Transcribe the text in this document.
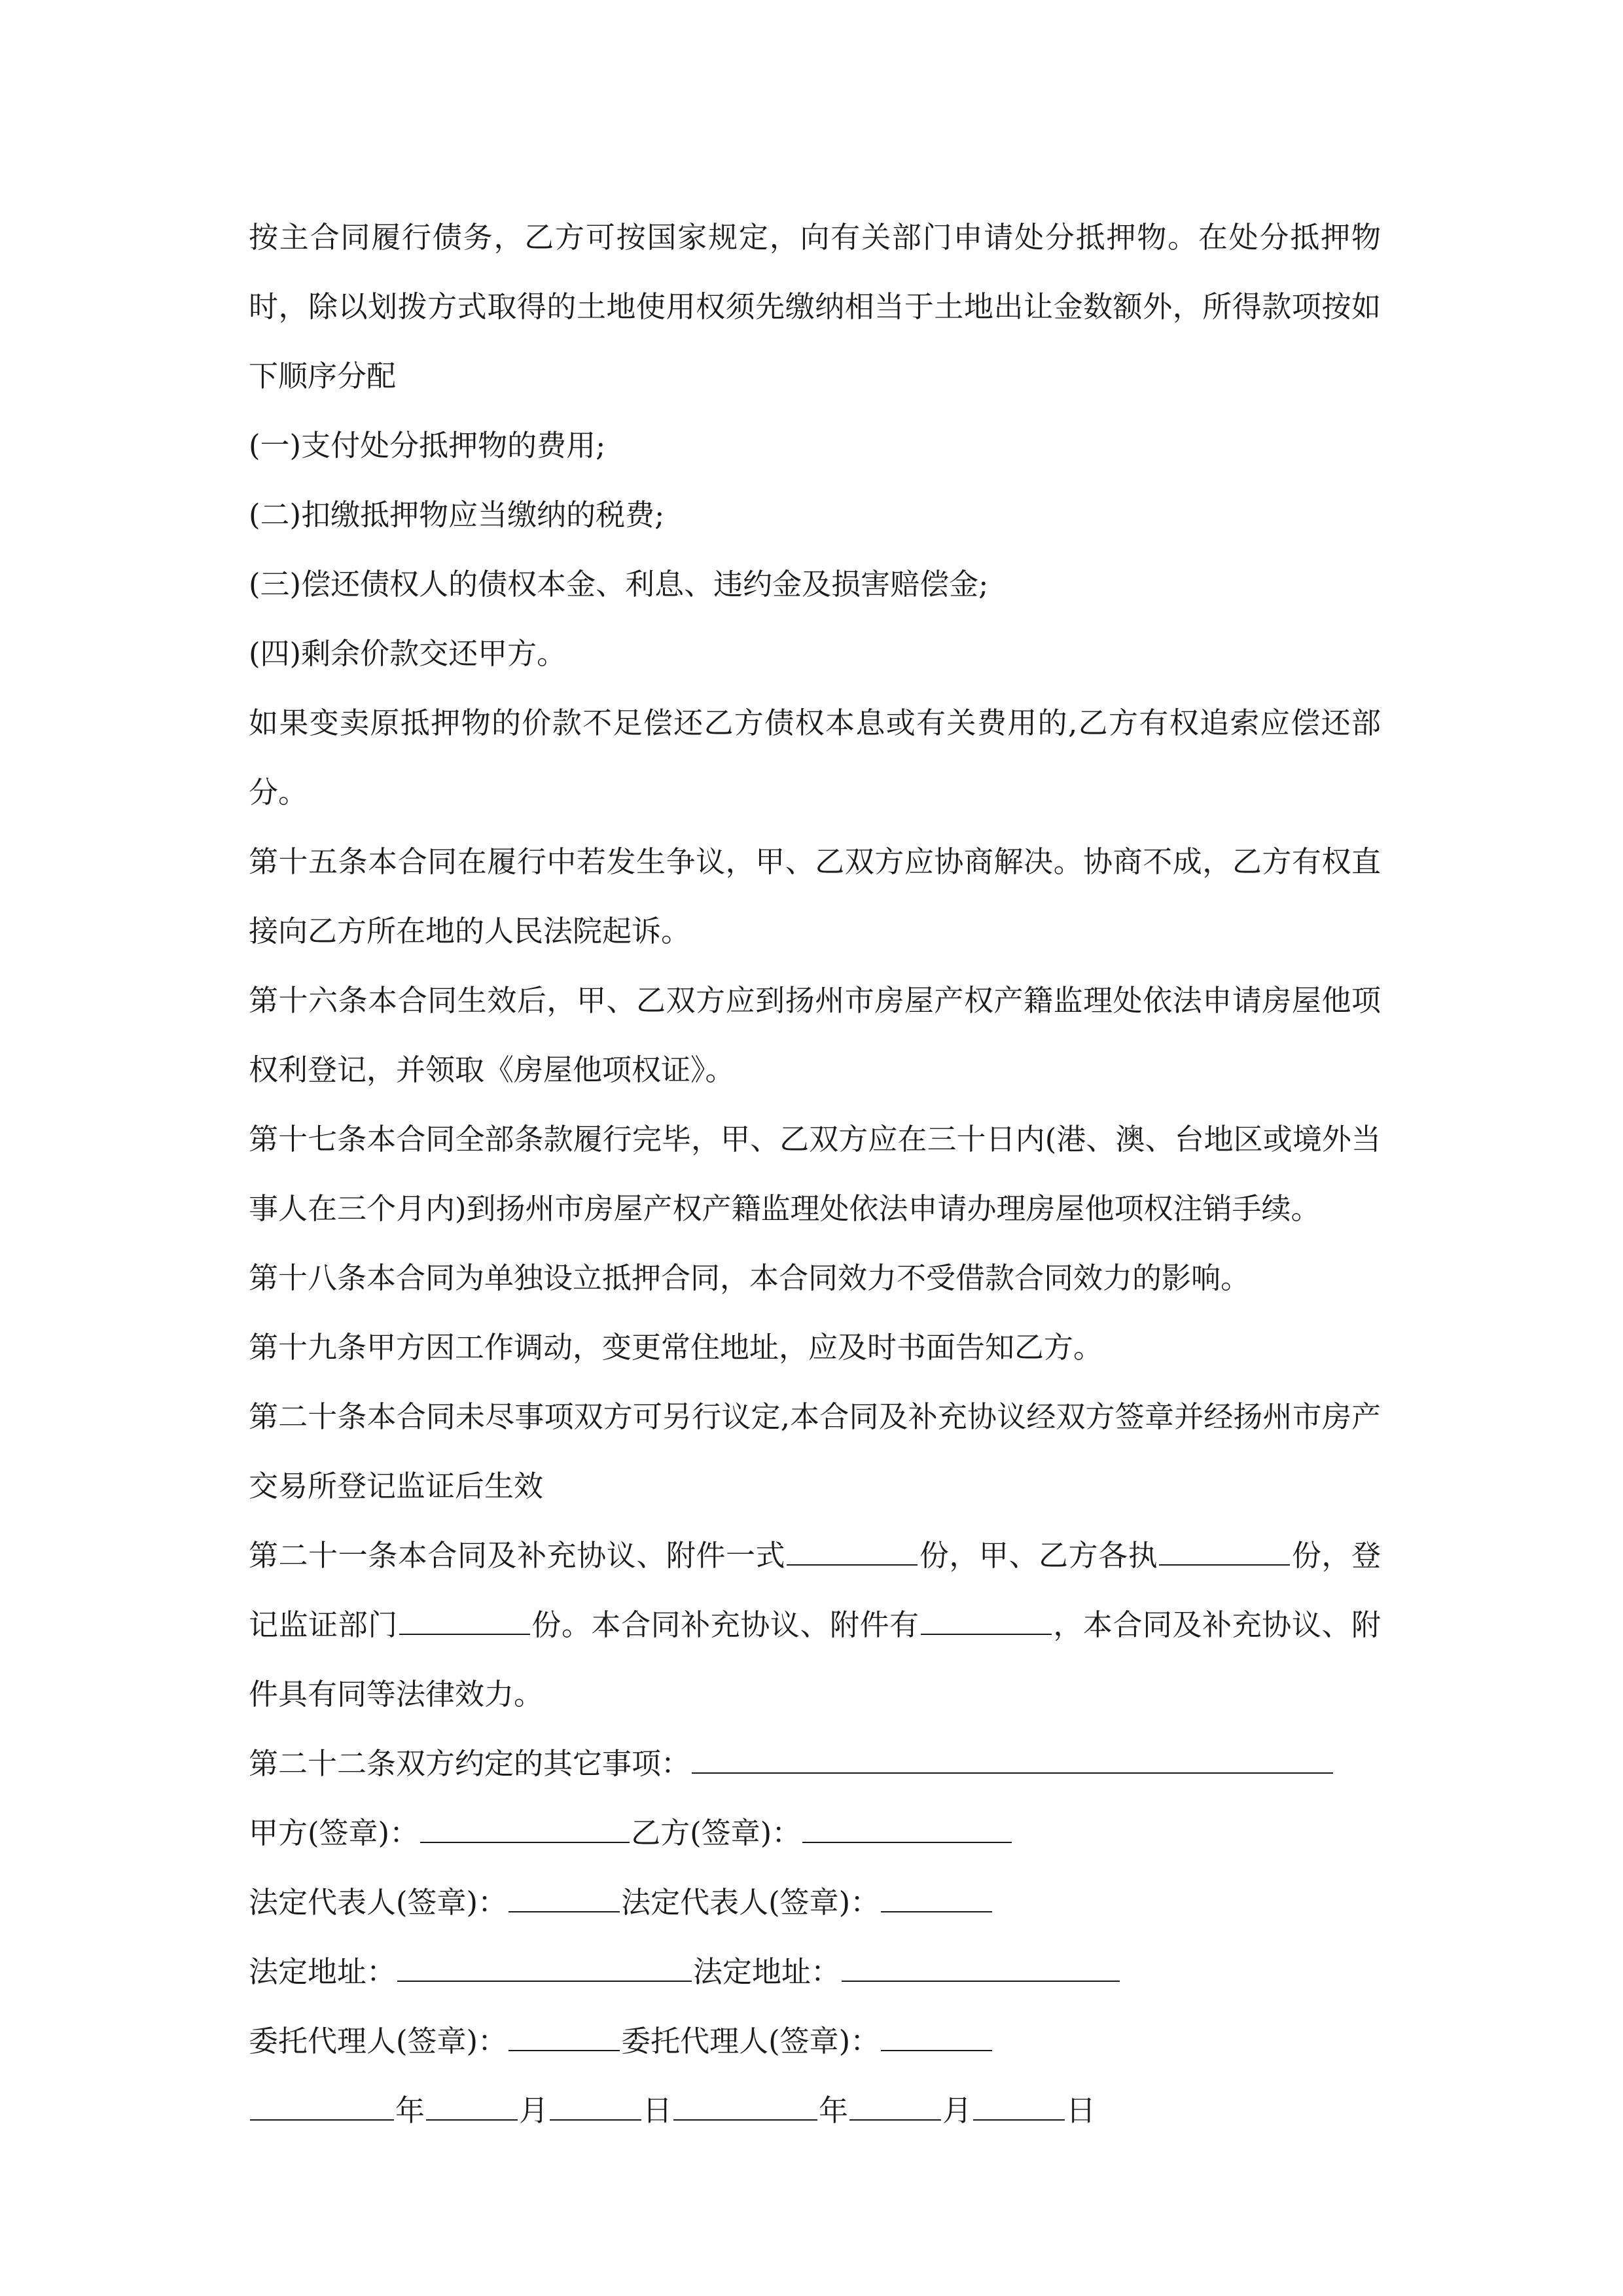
按主合同履行债务，乙方可按国家规定，向有关部门申请处分抵押物。在处分抵押物时，除以划拨方式取得的土地使用权须先缴纳相当于土地出让金数额外，所得款项按如下顺序分配

(一)支付处分抵押物的费用;

(二)扣缴抵押物应当缴纳的税费;

(三)偿还债权人的债权本金、利息、违约金及损害赔偿金;

(四)剩余价款交还甲方。

如果变卖原抵押物的价款不足偿还乙方债权本息或有关费用的,乙方有权追索应偿还部分。

第十五条本合同在履行中若发生争议，甲、乙双方应协商解决。协商不成，乙方有权直接向乙方所在地的人民法院起诉。

第十六条本合同生效后，甲、乙双方应到扬州市房屋产权产籍监理处依法申请房屋他项权利登记，并领取《房屋他项权证》。

第十七条本合同全部条款履行完毕，甲、乙双方应在三十日内(港、澳、台地区或境外当事人在三个月内)到扬州市房屋产权产籍监理处依法申请办理房屋他项权注销手续。

第十八条本合同为单独设立抵押合同，本合同效力不受借款合同效力的影响。

第十九条甲方因工作调动，变更常住地址，应及时书面告知乙方。

第二十条本合同未尽事项双方可另行议定,本合同及补充协议经双方签章并经扬州市房产交易所登记监证后生效

第二十一条本合同及补充协议、附件一式	份，甲、乙方各执	份，登记监证部门	份。本合同补充协议、附件有	，本合同及补充协议、附件具有同等法律效力。

第二十二条双方约定的其它事项：

甲方(签章)：	乙方(签章)：

法定代表人(签章)：	法定代表人(签章)：

法定地址：	法定地址：

委托代理人(签章)：	委托代理人(签章)：

年	月	日	年	月	日
